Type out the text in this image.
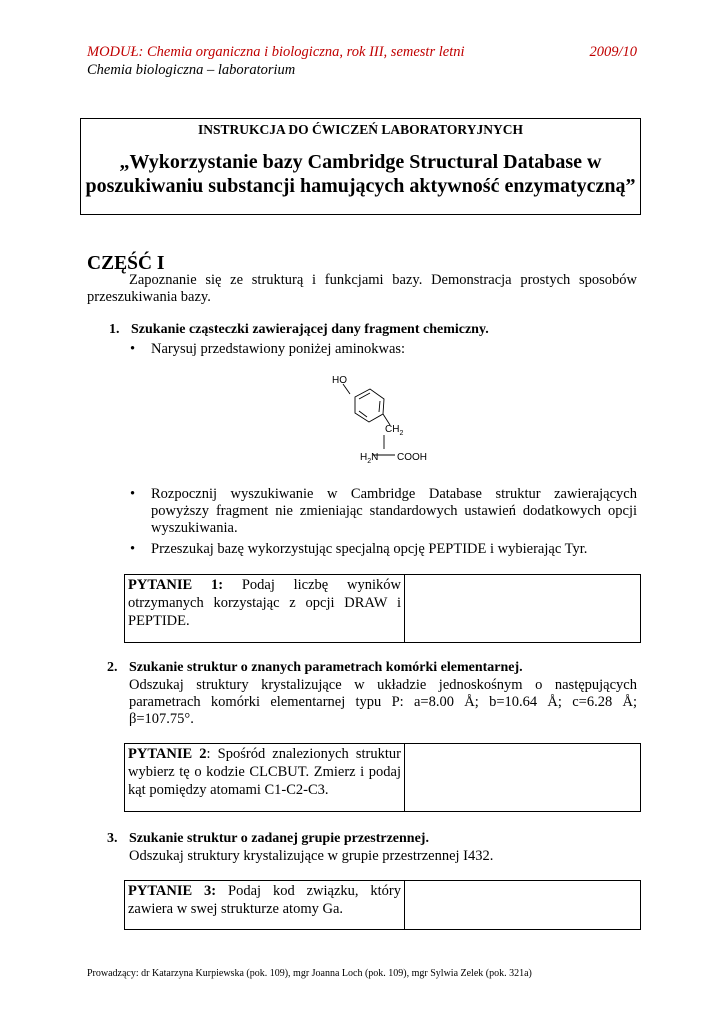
MODUŁ: Chemia organiczna i biologiczna, rok III, semestr letni	2009/10
Chemia biologiczna – laboratorium
INSTRUKCJA DO ĆWICZEŃ LABORATORYJNYCH
„Wykorzystanie bazy Cambridge Structural Database w
poszukiwaniu substancji hamujących aktywność enzymatyczną”
CZĘŚĆ I
Zapoznanie się ze strukturą i funkcjami bazy. Demonstracja prostych sposobów przeszukiwania bazy.
1. Szukanie cząsteczki zawierającej dany fragment chemiczny.
• Narysuj przedstawiony poniżej aminokwas:
HO
$CH_2$
$H_2N$ COOH
• Rozpocznij wyszukiwanie w Cambridge Database struktur zawierających powyższy fragment nie zmieniając standardowych ustawień dodatkowych opcji wyszukiwania.
• Przeszukaj bazę wykorzystując specjalną opcję PEPTIDE i wybierając Tyr.
PYTANIE 1: Podaj liczbę wyników otrzymanych korzystając z opcji DRAW i PEPTIDE.
2. Szukanie struktur o znanych parametrach komórki elementarnej.
Odszukaj struktury krystalizujące w układzie jednoskośnym o następujących parametrach komórki elementarnej typu P: a=8.00 Å; b=10.64 Å; c=6.28 Å; β=107.75°.
PYTANIE 2: Spośród znalezionych struktur wybierz tę o kodzie CLCBUT. Zmierz i podaj kąt pomiędzy atomami C1-C2-C3.
3. Szukanie struktur o zadanej grupie przestrzennej.
Odszukaj struktury krystalizujące w grupie przestrzennej I432.
PYTANIE 3: Podaj kod związku, który zawiera w swej strukturze atomy Ga.
Prowadzący: dr Katarzyna Kurpiewska (pok. 109), mgr Joanna Loch (pok. 109), mgr Sylwia Zelek (pok. 321a)
